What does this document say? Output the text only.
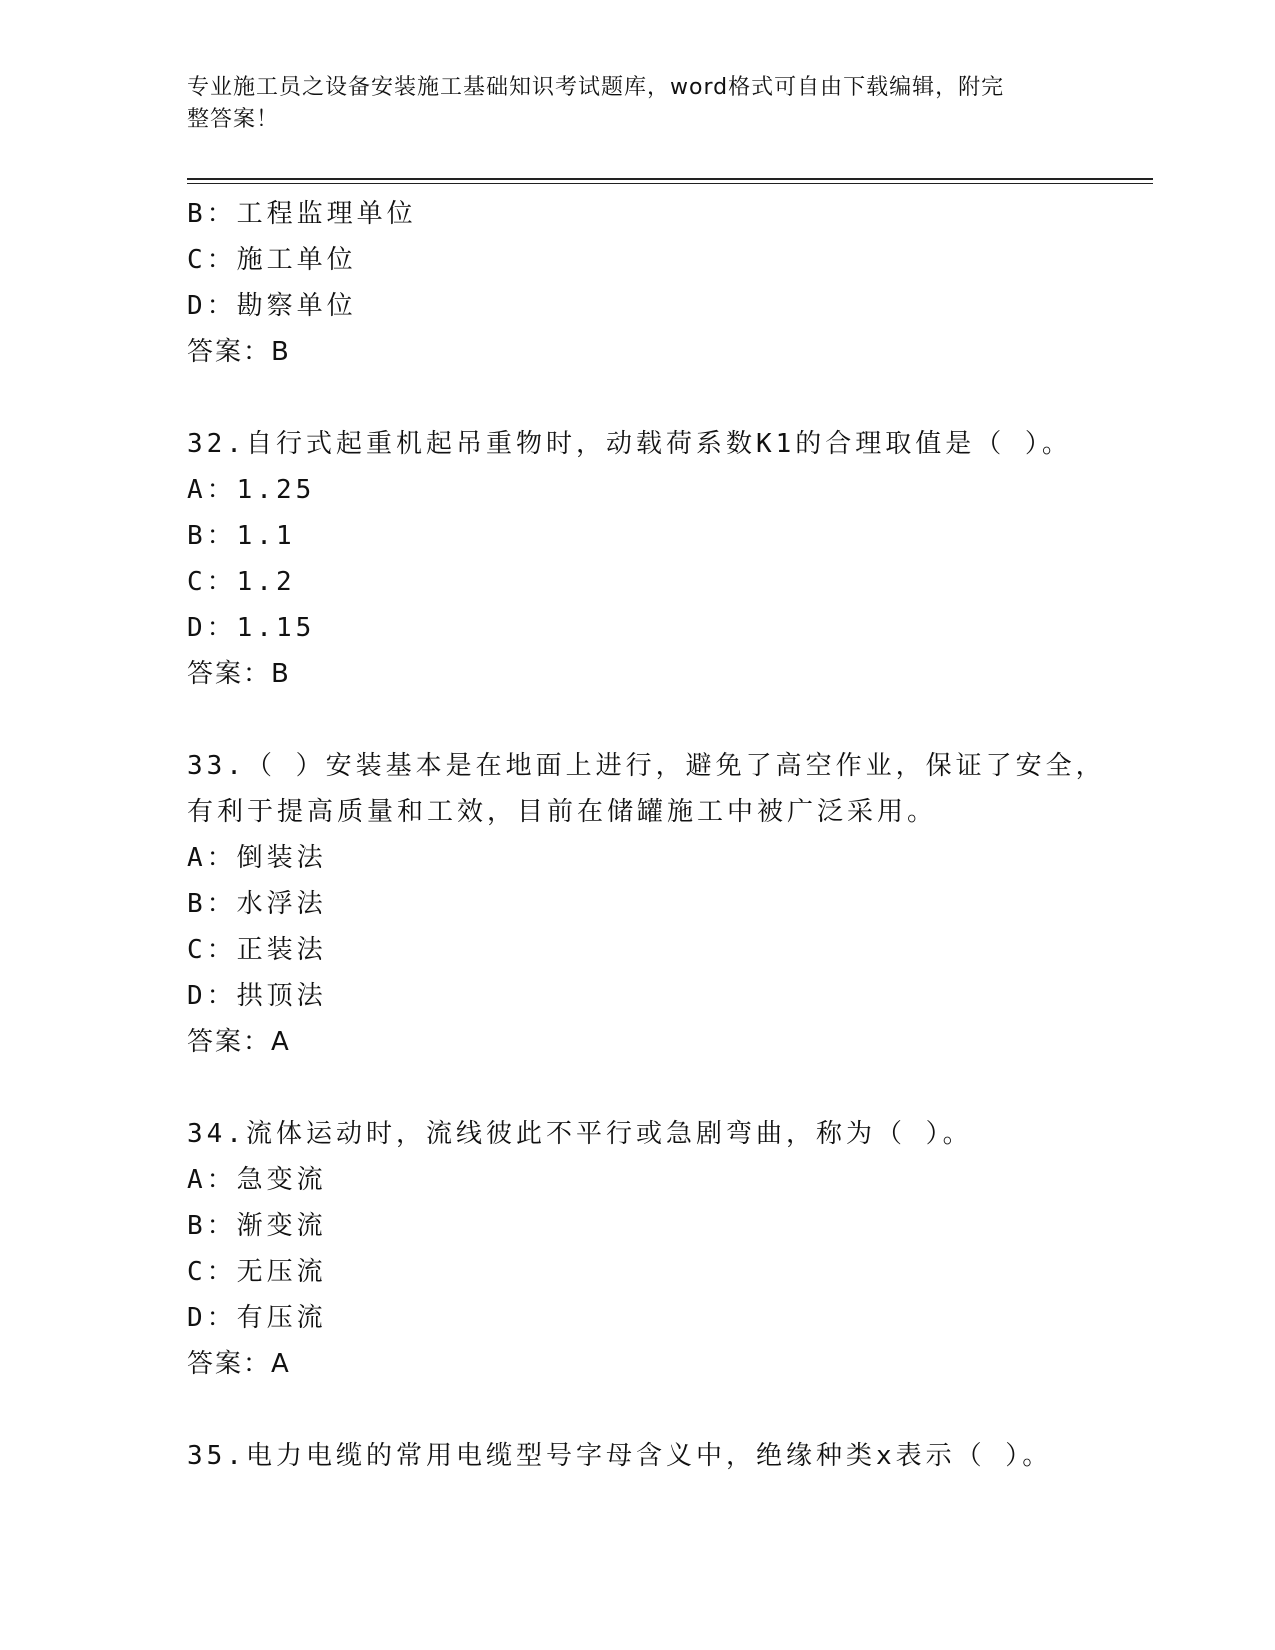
专业施工员之设备安装施工基础知识考试题库，word格式可自由下载编辑，附完
整答案！
B：工程监理单位
C：施工单位
D：勘察单位
答案：B
32.自行式起重机起吊重物时，动载荷系数K1的合理取值是（ ）。
A：1.25
B：1.1
C：1.2
D：1.15
答案：B
33.（ ）安装基本是在地面上进行，避免了高空作业，保证了安全，
有利于提高质量和工效，目前在储罐施工中被广泛采用。
A：倒装法
B：水浮法
C：正装法
D：拱顶法
答案：A
34.流体运动时，流线彼此不平行或急剧弯曲，称为（ ）。
A：急变流
B：渐变流
C：无压流
D：有压流
答案：A
35.电力电缆的常用电缆型号字母含义中，绝缘种类x表示（ ）。
